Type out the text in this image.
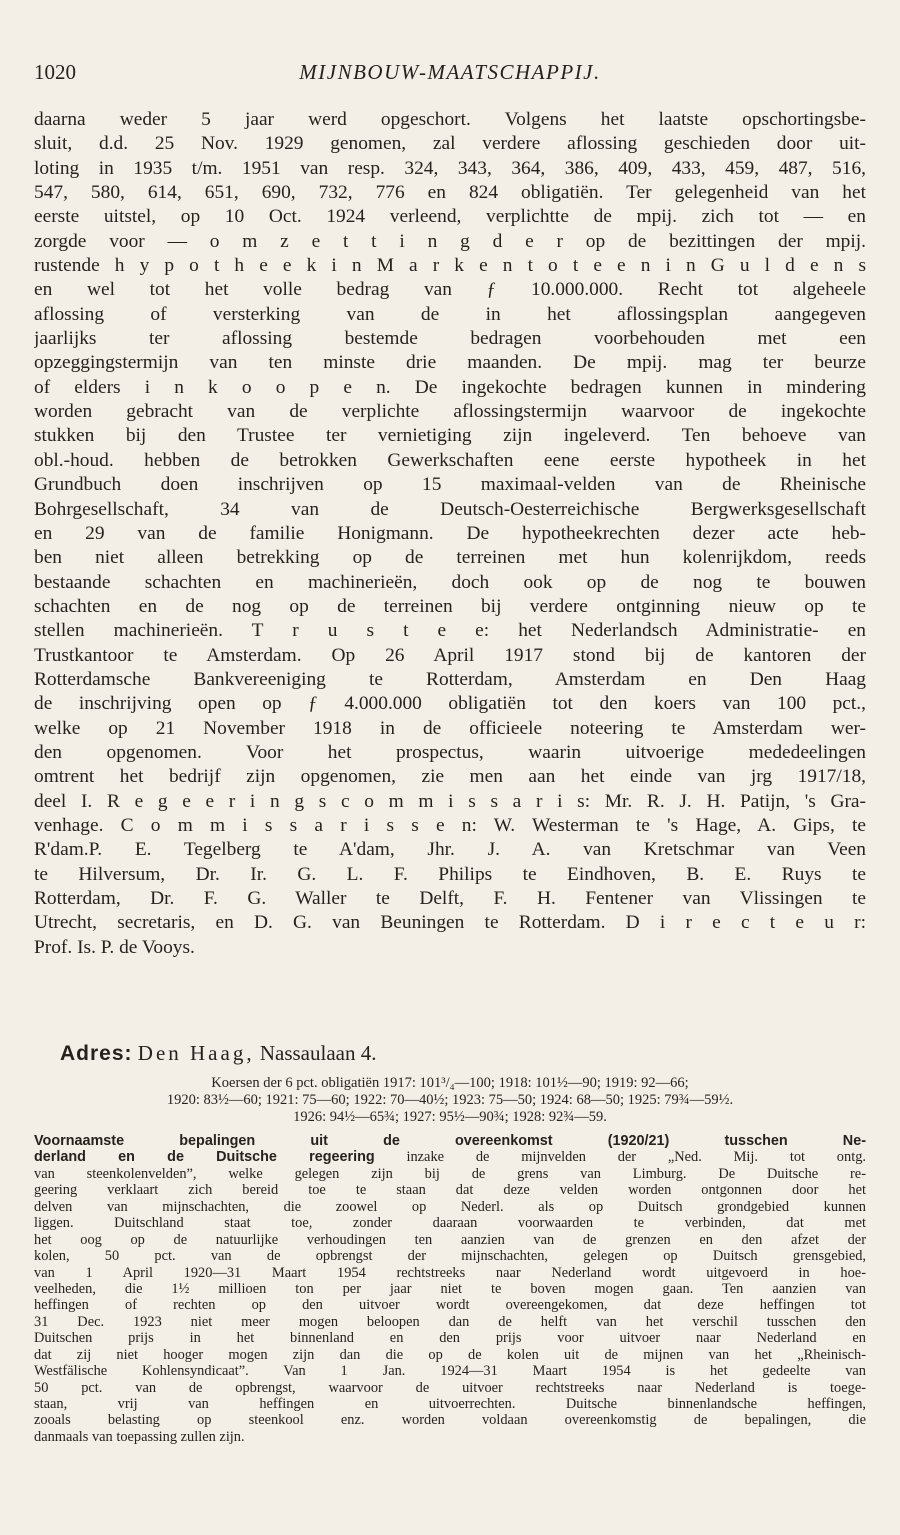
1020	MIJNBOUW-MAATSCHAPPIJ.
daarna weder 5 jaar werd opgeschort. Volgens het laatste opschortingsbe-
sluit, d.d. 25 Nov. 1929 genomen, zal verdere aflossing geschieden door uit-
loting in 1935 t/m. 1951 van resp. 324, 343, 364, 386, 409, 433, 459, 487, 516,
547, 580, 614, 651, 690, 732, 776 en 824 obligatiën. Ter gelegenheid van het
eerste uitstel, op 10 Oct. 1924 verleend, verplichtte de mpij. zich tot — en
zorgde voor — o m z e t t i n g d e r op de bezittingen der mpij.
rustende h y p o t h e e k i n M a r k e n t o t e e n i n G u l d e n s
en wel tot het volle bedrag van ƒ 10.000.000. Recht tot algeheele
aflossing of versterking van de in het aflossingsplan aangegeven
jaarlijks ter aflossing bestemde bedragen voorbehouden met een
opzeggingstermijn van ten minste drie maanden. De mpij. mag ter beurze
of elders i n k o o p e n. De ingekochte bedragen kunnen in mindering
worden gebracht van de verplichte aflossingstermijn waarvoor de ingekochte
stukken bij den Trustee ter vernietiging zijn ingeleverd. Ten behoeve van
obl.-houd. hebben de betrokken Gewerkschaften eene eerste hypotheek in het
Grundbuch doen inschrijven op 15 maximaal-velden van de Rheinische
Bohrgesellschaft, 34 van de Deutsch-Oesterreichische Bergwerksgesellschaft
en 29 van de familie Honigmann. De hypotheekrechten dezer acte heb-
ben niet alleen betrekking op de terreinen met hun kolenrijkdom, reeds
bestaande schachten en machinerieën, doch ook op de nog te bouwen
schachten en de nog op de terreinen bij verdere ontginning nieuw op te
stellen machinerieën. T r u s t e e: het Nederlandsch Administratie- en
Trustkantoor te Amsterdam. Op 26 April 1917 stond bij de kantoren der
Rotterdamsche Bankvereeniging te Rotterdam, Amsterdam en Den Haag
de inschrijving open op ƒ 4.000.000 obligatiën tot den koers van 100 pct.,
welke op 21 November 1918 in de officieele noteering te Amsterdam wer-
den opgenomen. Voor het prospectus, waarin uitvoerige mededeelingen
omtrent het bedrijf zijn opgenomen, zie men aan het einde van jrg 1917/18,
deel I. R e g e e r i n g s c o m m i s s a r i s: Mr. R. J. H. Patijn, 's Gra-
venhage. C o m m i s s a r i s s e n: W. Westerman te 's Hage, A. Gips, te
R'dam.P. E. Tegelberg te A'dam, Jhr. J. A. van Kretschmar van Veen
te Hilversum, Dr. Ir. G. L. F. Philips te Eindhoven, B. E. Ruys te
Rotterdam, Dr. F. G. Waller te Delft, F. H. Fentener van Vlissingen te
Utrecht, secretaris, en D. G. van Beuningen te Rotterdam. D i r e c t e u r:
Prof. Is. P. de Vooys.
Adres: Den Haag, Nassaulaan 4.
Koersen der 6 pct. obligatiën 1917: 101³/₄—100; 1918: 101½—90; 1919: 92—66;
1920: 83½—60; 1921: 75—60; 1922: 70—40½; 1923: 75—50; 1924: 68—50; 1925: 79¾—59½.
1926: 94½—65¾; 1927: 95½—90¾; 1928: 92¾—59.
Voornaamste bepalingen uit de overeenkomst (1920/21) tusschen Ne-
derland en de Duitsche regeering inzake de mijnvelden der „Ned. Mij. tot ontg.
van steenkolenvelden”, welke gelegen zijn bij de grens van Limburg. De Duitsche re-
geering verklaart zich bereid toe te staan dat deze velden worden ontgonnen door het
delven van mijnschachten, die zoowel op Nederl. als op Duitsch grondgebied kunnen
liggen. Duitschland staat toe, zonder daaraan voorwaarden te verbinden, dat met
het oog op de natuurlijke verhoudingen ten aanzien van de grenzen en den afzet der
kolen, 50 pct. van de opbrengst der mijnschachten, gelegen op Duitsch grensgebied,
van 1 April 1920—31 Maart 1954 rechtstreeks naar Nederland wordt uitgevoerd in hoe-
veelheden, die 1½ millioen ton per jaar niet te boven mogen gaan. Ten aanzien van
heffingen of rechten op den uitvoer wordt overeengekomen, dat deze heffingen tot
31 Dec. 1923 niet meer mogen beloopen dan de helft van het verschil tusschen den
Duitschen prijs in het binnenland en den prijs voor uitvoer naar Nederland en
dat zij niet hooger mogen zijn dan die op de kolen uit de mijnen van het „Rheinisch-
Westfälische Kohlensyndicaat”. Van 1 Jan. 1924—31 Maart 1954 is het gedeelte van
50 pct. van de opbrengst, waarvoor de uitvoer rechtstreeks naar Nederland is toege-
staan, vrij van heffingen en uitvoerrechten. Duitsche binnenlandsche heffingen,
zooals belasting op steenkool enz. worden voldaan overeenkomstig de bepalingen, die
danmaals van toepassing zullen zijn.
